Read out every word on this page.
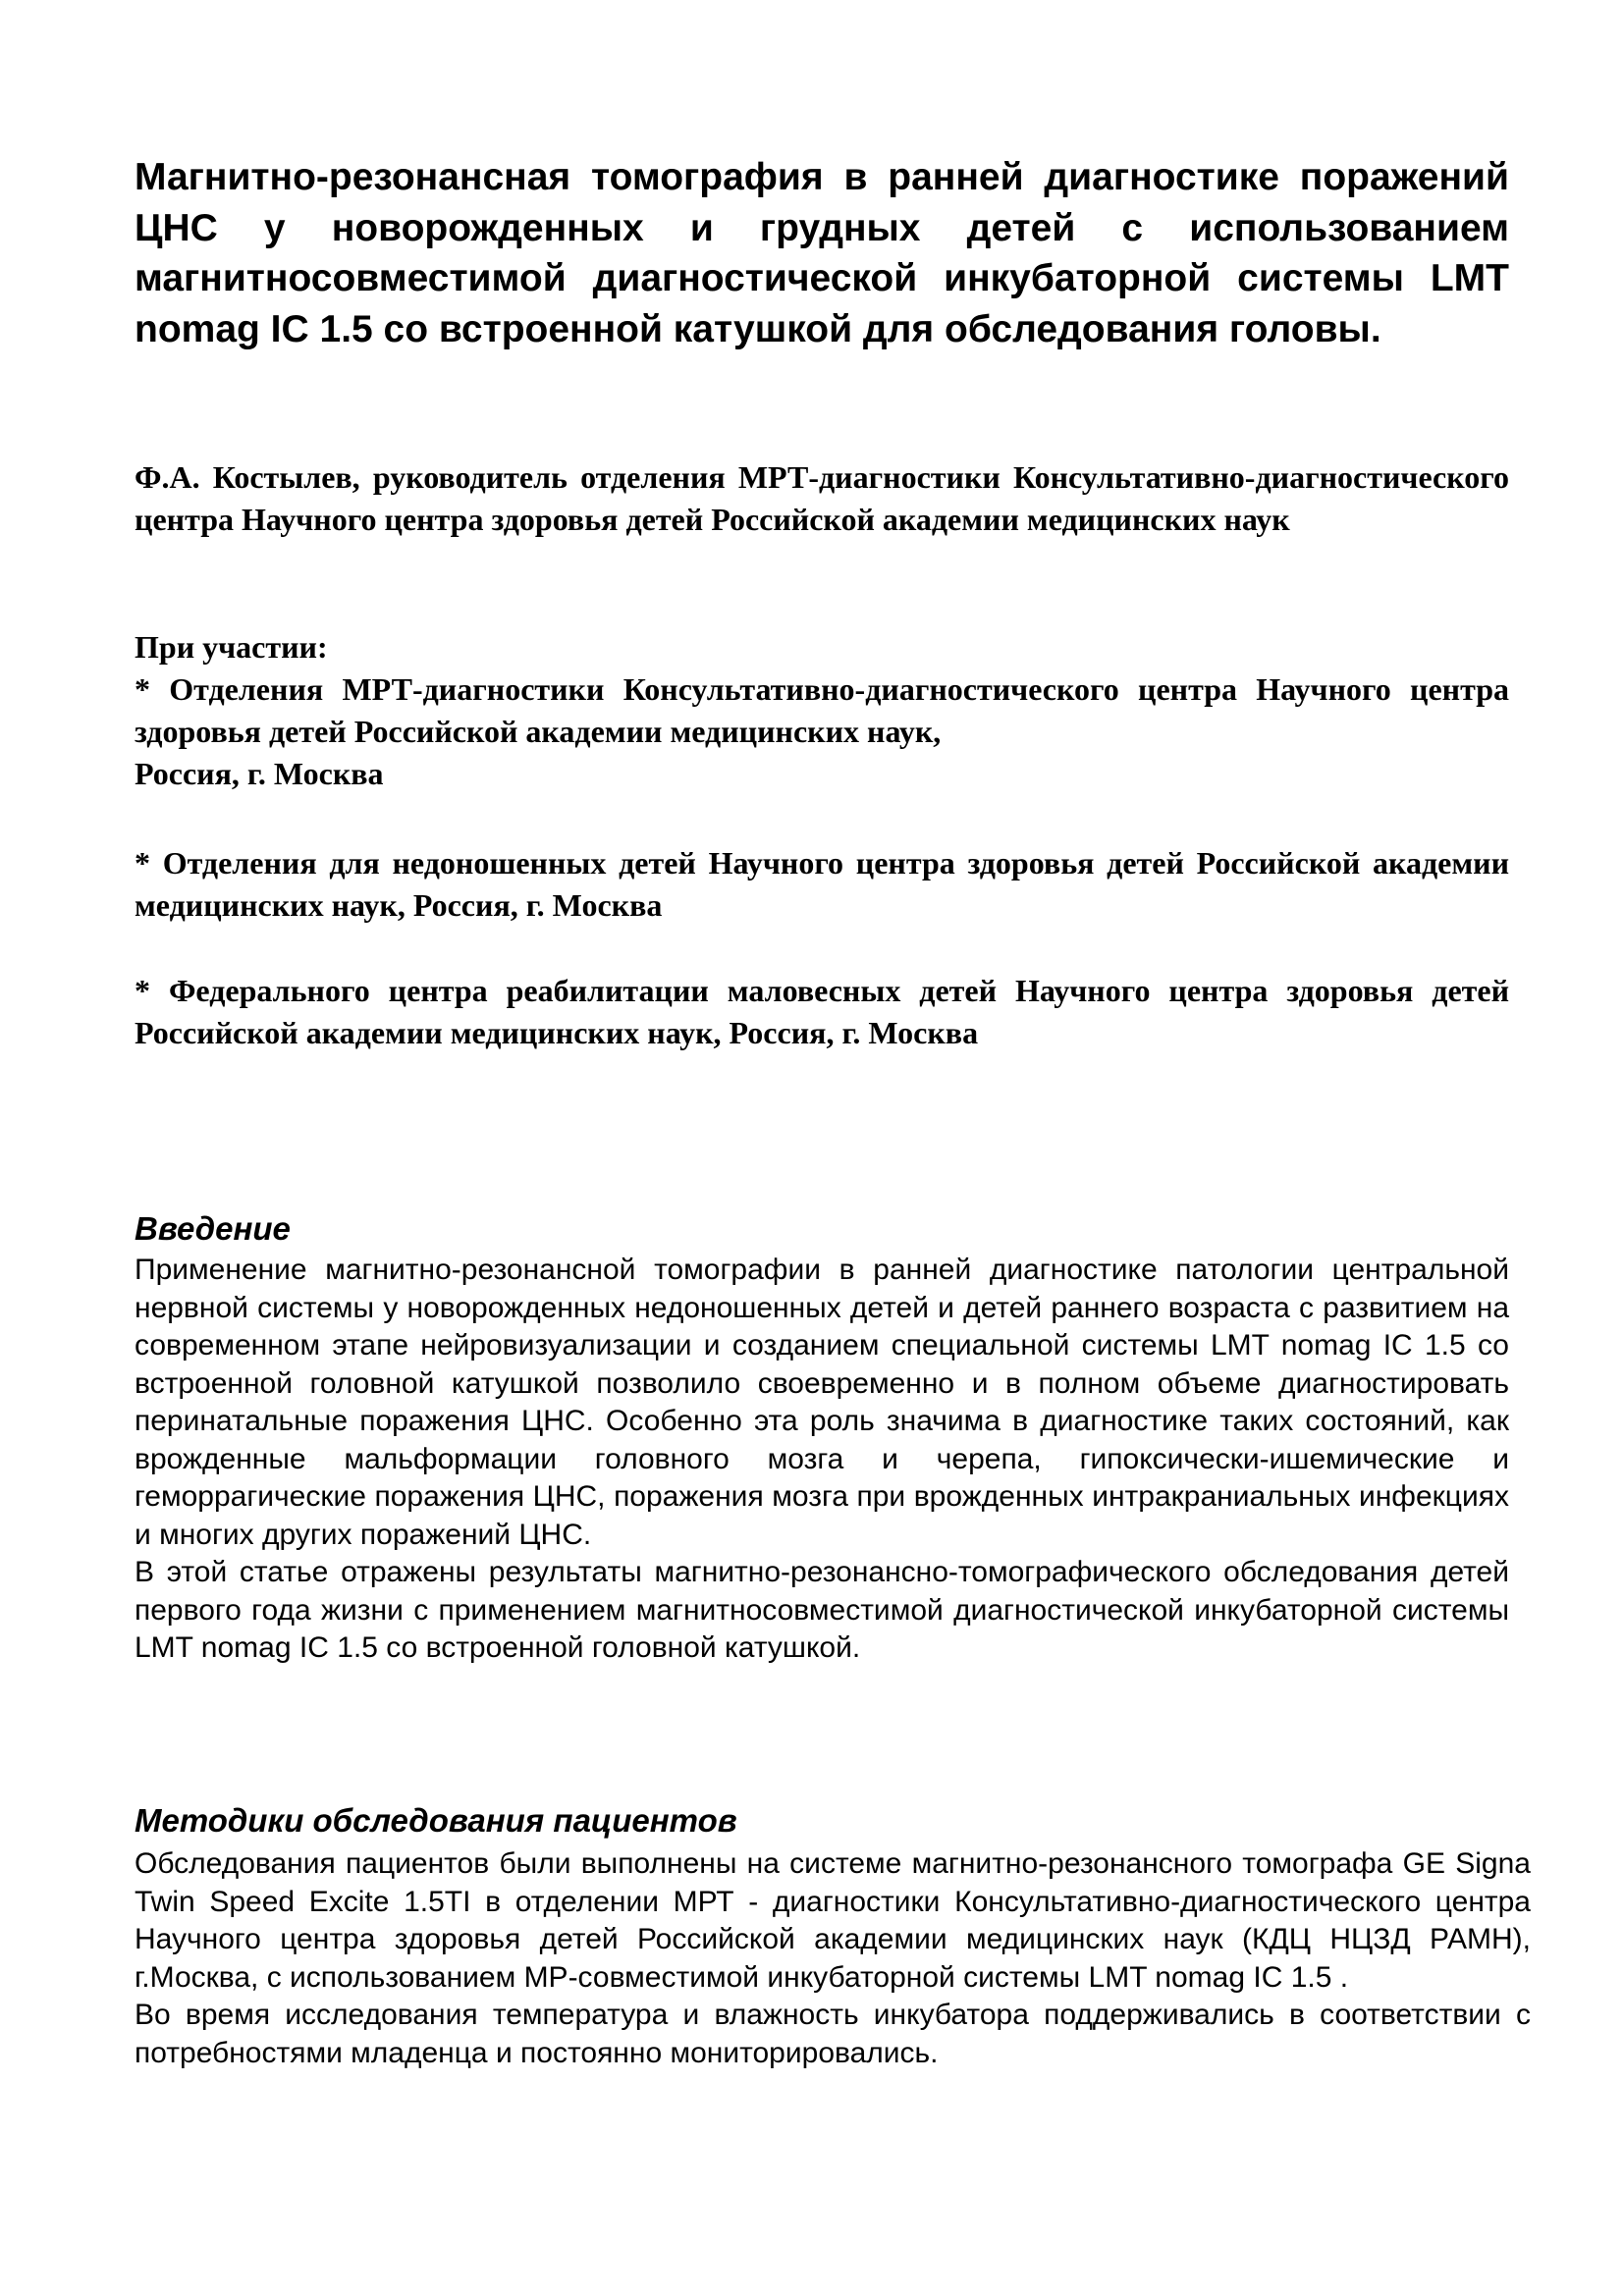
Магнитно-резонансная томография в ранней диагностике поражений ЦНС у новорожденных и грудных детей с использованием магнитносовместимой диагностической инкубаторной системы LMT nomag IC 1.5 со встроенной катушкой для обследования головы.

Ф.А. Костылев, руководитель отделения МРТ-диагностики Консультативно-диагностического центра Научного центра здоровья детей Российской академии медицинских наук

При участии:
* Отделения МРТ-диагностики Консультативно-диагностического центра Научного центра здоровья детей Российской академии медицинских наук,
Россия, г. Москва

* Отделения для недоношенных детей Научного центра здоровья детей Российской академии медицинских наук, Россия, г. Москва

* Федерального центра реабилитации маловесных детей Научного центра здоровья детей Российской академии медицинских наук, Россия, г. Москва

Введение

Применение магнитно-резонансной томографии в ранней диагностике патологии центральной нервной системы у новорожденных недоношенных детей и детей раннего возраста с развитием на современном этапе нейровизуализации и созданием специальной системы LMT nomag IC 1.5 со встроенной головной катушкой позволило своевременно и в полном объеме диагностировать перинатальные поражения ЦНС. Особенно эта роль значима в диагностике таких состояний, как врожденные мальформации головного мозга и черепа, гипоксически-ишемические и геморрагические поражения ЦНС, поражения мозга при врожденных интракраниальных инфекциях и многих других поражений ЦНС.

В этой статье отражены результаты магнитно-резонансно-томографического обследования детей первого года жизни с применением магнитносовместимой диагностической инкубаторной системы LMT nomag IC 1.5 со встроенной головной катушкой.

Методики обследования пациентов

Обследования пациентов были выполнены на системе магнитно-резонансного томографа GE Signa Twin Speed Excite 1.5TI в отделении МРТ - диагностики Консультативно-диагностического центра Научного центра здоровья детей Российской академии медицинских наук (КДЦ НЦЗД РАМН), г.Москва, с использованием МР-совместимой инкубаторной системы LMT nomag IC 1.5 .

Во время исследования температура и влажность инкубатора поддерживались в соответствии с потребностями младенца и постоянно мониторировались.
